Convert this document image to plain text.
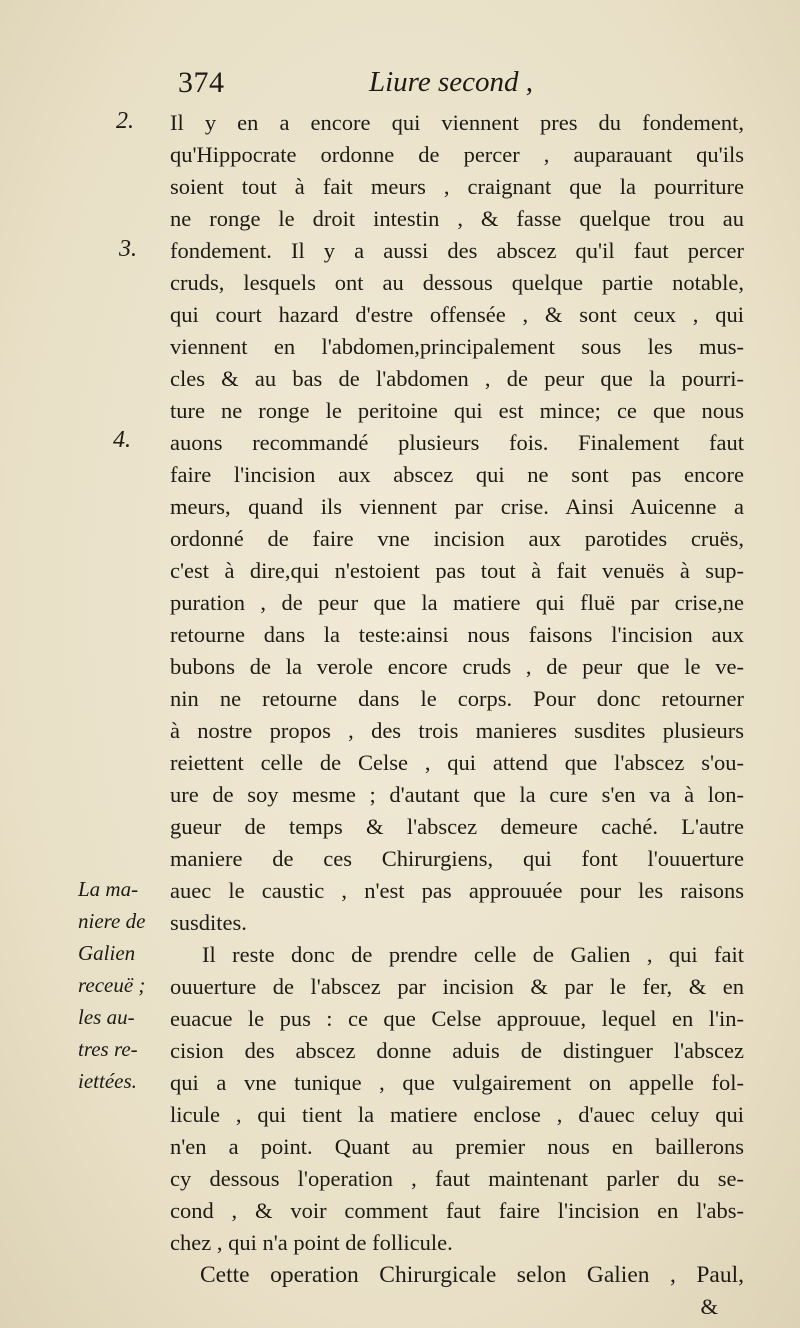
374	Liure second ,
2.
3.
4.
La ma-
niere de
Galien
receuë ;
les au-
tres re-
iettées.
Il y en a encore qui viennent pres du fondement,
qu'Hippocrate ordonne de percer , auparauant qu'ils
soient tout à fait meurs , craignant que la pourriture
ne ronge le droit intestin , & fasse quelque trou au
fondement. Il y a aussi des abscez qu'il faut percer
cruds, lesquels ont au dessous quelque partie notable,
qui court hazard d'estre offensée , & sont ceux , qui
viennent en l'abdomen,principalement sous les mus-
cles & au bas de l'abdomen , de peur que la pourri-
ture ne ronge le peritoine qui est mince; ce que nous
auons recommandé plusieurs fois. Finalement faut
faire l'incision aux abscez qui ne sont pas encore
meurs, quand ils viennent par crise. Ainsi Auicenne a
ordonné de faire vne incision aux parotides cruës,
c'est à dire,qui n'estoient pas tout à fait venuës à sup-
puration , de peur que la matiere qui fluë par crise,ne
retourne dans la teste:ainsi nous faisons l'incision aux
bubons de la verole encore cruds , de peur que le ve-
nin ne retourne dans le corps. Pour donc retourner
à nostre propos , des trois manieres susdites plusieurs
reiettent celle de Celse , qui attend que l'abscez s'ou-
ure de soy mesme ; d'autant que la cure s'en va à lon-
gueur de temps & l'abscez demeure caché. L'autre
maniere de ces Chirurgiens, qui font l'ouuerture
auec le caustic , n'est pas approuuée pour les raisons
susdites.
Il reste donc de prendre celle de Galien , qui fait
ouuerture de l'abscez par incision & par le fer, & en
euacue le pus : ce que Celse approuue, lequel en l'in-
cision des abscez donne aduis de distinguer l'abscez
qui a vne tunique , que vulgairement on appelle fol-
licule , qui tient la matiere enclose , d'auec celuy qui
n'en a point. Quant au premier nous en baillerons
cy dessous l'operation , faut maintenant parler du se-
cond , & voir comment faut faire l'incision en l'abs-
chez , qui n'a point de follicule.
Cette operation Chirurgicale selon Galien , Paul,
&
